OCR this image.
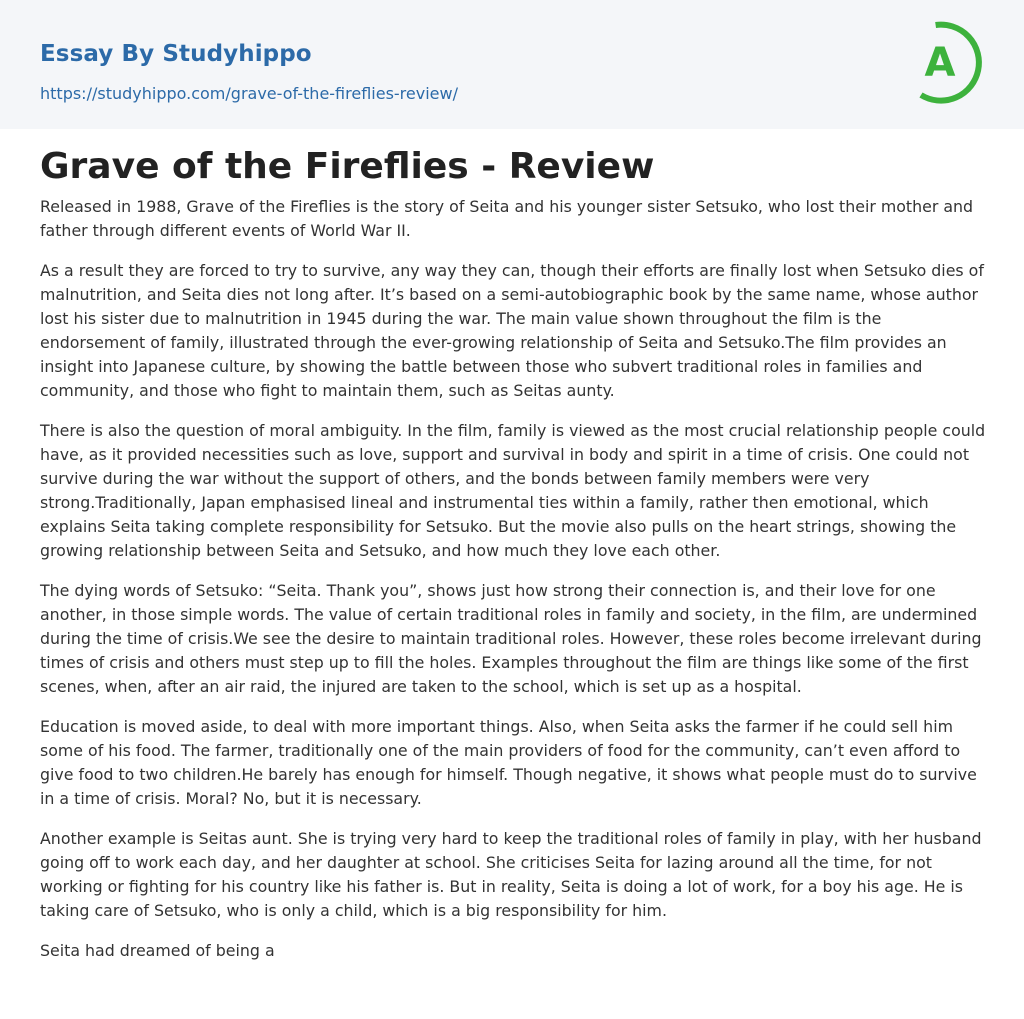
Essay By Studyhippo
https://studyhippo.com/grave-of-the-fireflies-review/
A
Grave of the Fireflies - Review

Released in 1988, Grave of the Fireflies is the story of Seita and his younger sister Setsuko, who lost their mother and father through different events of World War II.

As a result they are forced to try to survive, any way they can, though their efforts are finally lost when Setsuko dies of malnutrition, and Seita dies not long after. It’s based on a semi-autobiographic book by the same name, whose author lost his sister due to malnutrition in 1945 during the war. The main value shown throughout the film is the endorsement of family, illustrated through the ever-growing relationship of Seita and Setsuko.The film provides an insight into Japanese culture, by showing the battle between those who subvert traditional roles in families and community, and those who fight to maintain them, such as Seitas aunty.

There is also the question of moral ambiguity. In the film, family is viewed as the most crucial relationship people could have, as it provided necessities such as love, support and survival in body and spirit in a time of crisis. One could not survive during the war without the support of others, and the bonds between family members were very strong.Traditionally, Japan emphasised lineal and instrumental ties within a family, rather then emotional, which explains Seita taking complete responsibility for Setsuko. But the movie also pulls on the heart strings, showing the growing relationship between Seita and Setsuko, and how much they love each other.

The dying words of Setsuko: “Seita. Thank you”, shows just how strong their connection is, and their love for one another, in those simple words. The value of certain traditional roles in family and society, in the film, are undermined during the time of crisis.We see the desire to maintain traditional roles. However, these roles become irrelevant during times of crisis and others must step up to fill the holes. Examples throughout the film are things like some of the first scenes, when, after an air raid, the injured are taken to the school, which is set up as a hospital.

Education is moved aside, to deal with more important things. Also, when Seita asks the farmer if he could sell him some of his food. The farmer, traditionally one of the main providers of food for the community, can’t even afford to give food to two children.He barely has enough for himself. Though negative, it shows what people must do to survive in a time of crisis. Moral? No, but it is necessary.

Another example is Seitas aunt. She is trying very hard to keep the traditional roles of family in play, with her husband going off to work each day, and her daughter at school. She criticises Seita for lazing around all the time, for not working or fighting for his country like his father is. But in reality, Seita is doing a lot of work, for a boy his age. He is taking care of Setsuko, who is only a child, which is a big responsibility for him.

Seita had dreamed of being a
